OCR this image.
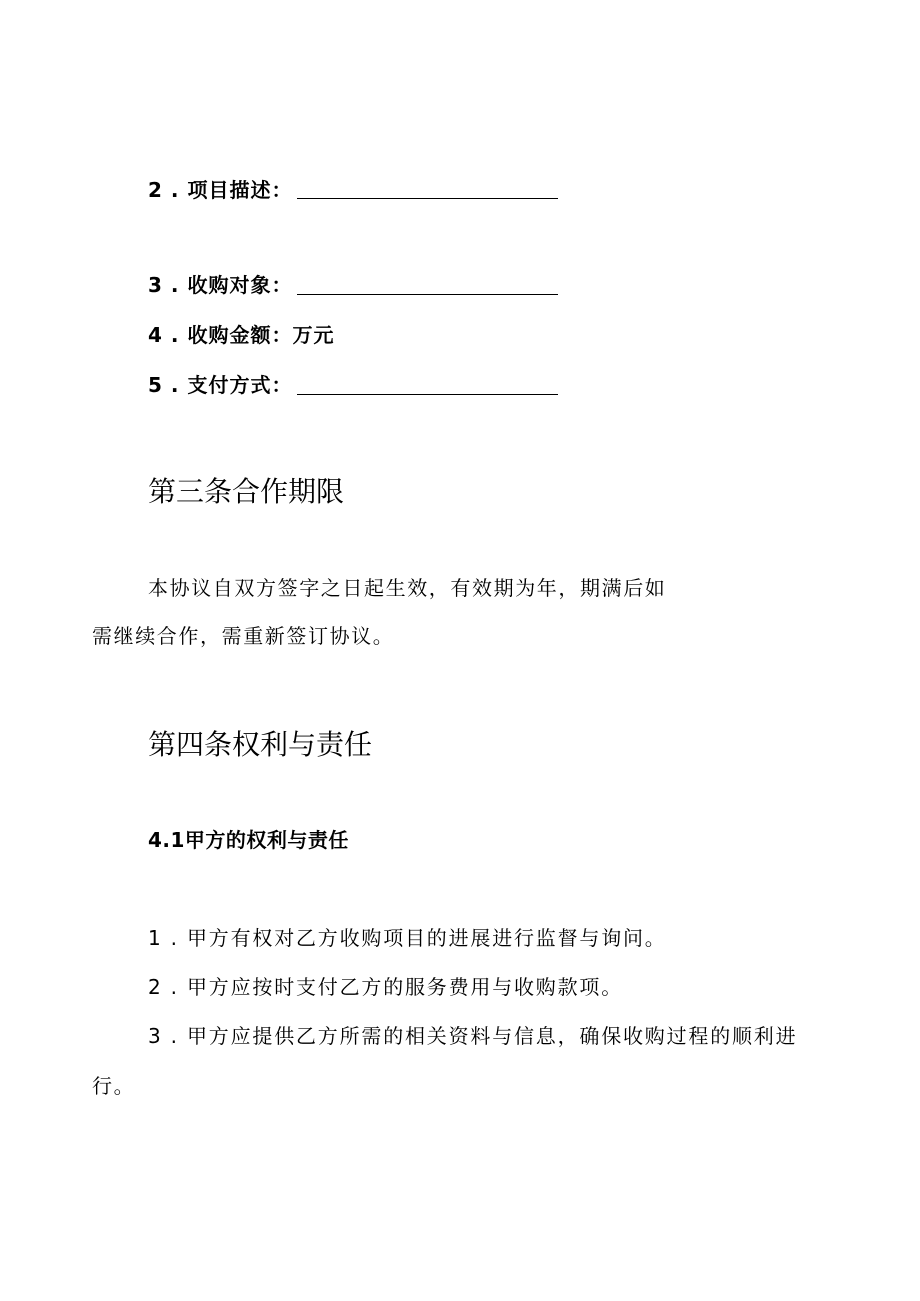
2 . 项目描述：
3 . 收购对象：
4 . 收购金额：万元
5 . 支付方式：
第三条合作期限
本协议自双方签字之日起生效，有效期为年，期满后如
需继续合作，需重新签订协议。
第四条权利与责任
4.1甲方的权利与责任
1 . 甲方有权对乙方收购项目的进展进行监督与询问。
2 . 甲方应按时支付乙方的服务费用与收购款项。
3 . 甲方应提供乙方所需的相关资料与信息，确保收购过程的顺利进
行。
